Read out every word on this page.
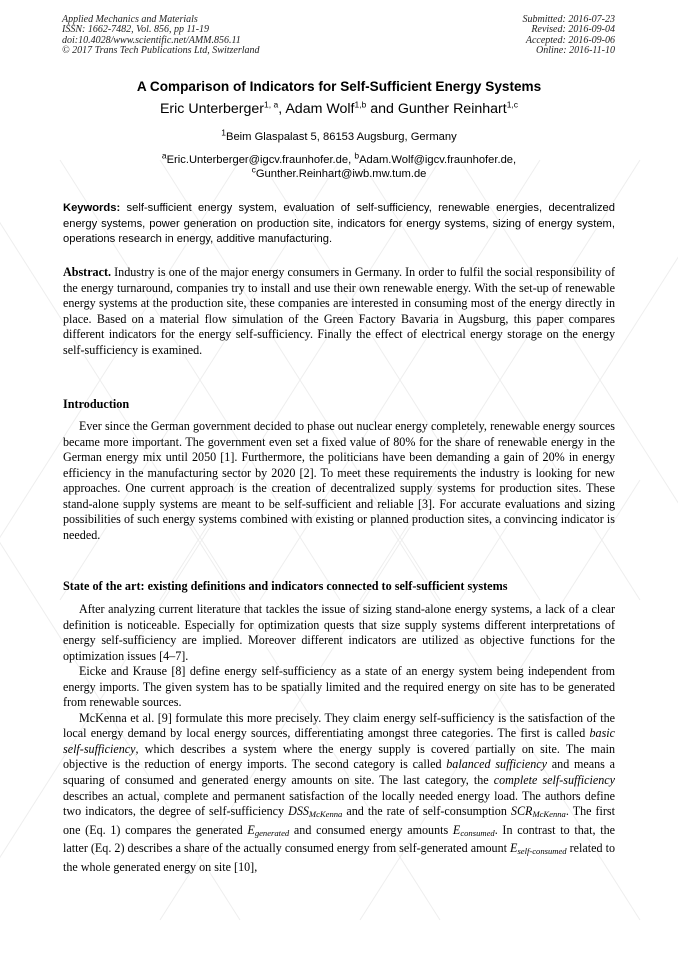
Applied Mechanics and Materials
ISSN: 1662-7482, Vol. 856, pp 11-19
doi:10.4028/www.scientific.net/AMM.856.11
© 2017 Trans Tech Publications Ltd, Switzerland
Submitted: 2016-07-23
Revised: 2016-09-04
Accepted: 2016-09-06
Online: 2016-11-10
A Comparison of Indicators for Self-Sufficient Energy Systems
Eric Unterberger$^{1, a}$, Adam Wolf$^{1,b}$ and Gunther Reinhart$^{1,c}$
$^1$Beim Glaspalast 5, 86153 Augsburg, Germany
$^a$Eric.Unterberger@igcv.fraunhofer.de, $^b$Adam.Wolf@igcv.fraunhofer.de,
$^c$Gunther.Reinhart@iwb.mw.tum.de
Keywords: self-sufficient energy system, evaluation of self-sufficiency, renewable energies, decentralized energy systems, power generation on production site, indicators for energy systems, sizing of energy system, operations research in energy, additive manufacturing.

Abstract. Industry is one of the major energy consumers in Germany. In order to fulfil the social responsibility of the energy turnaround, companies try to install and use their own renewable energy. With the set-up of renewable energy systems at the production site, these companies are interested in consuming most of the energy directly in place. Based on a material flow simulation of the Green Factory Bavaria in Augsburg, this paper compares different indicators for the energy self-sufficiency. Finally the effect of electrical energy storage on the energy self-sufficiency is examined.

Introduction

Ever since the German government decided to phase out nuclear energy completely, renewable energy sources became more important. The government even set a fixed value of 80% for the share of renewable energy in the German energy mix until 2050 [1]. Furthermore, the politicians have been demanding a gain of 20% in energy efficiency in the manufacturing sector by 2020 [2]. To meet these requirements the industry is looking for new approaches. One current approach is the creation of decentralized supply systems for production sites. These stand-alone supply systems are meant to be self-sufficient and reliable [3]. For accurate evaluations and sizing possibilities of such energy systems combined with existing or planned production sites, a convincing indicator is needed.

State of the art: existing definitions and indicators connected to self-sufficient systems

After analyzing current literature that tackles the issue of sizing stand-alone energy systems, a lack of a clear definition is noticeable. Especially for optimization quests that size supply systems different interpretations of energy self-sufficiency are implied. Moreover different indicators are utilized as objective functions for the optimization issues [4–7].

Eicke and Krause [8] define energy self-sufficiency as a state of an energy system being independent from energy imports. The given system has to be spatially limited and the required energy on site has to be generated from renewable sources.

McKenna et al. [9] formulate this more precisely. They claim energy self-sufficiency is the satisfaction of the local energy demand by local energy sources, differentiating amongst three categories. The first is called basic self-sufficiency, which describes a system where the energy supply is covered partially on site. The main objective is the reduction of energy imports. The second category is called balanced sufficiency and means a squaring of consumed and generated energy amounts on site. The last category, the complete self-sufficiency describes an actual, complete and permanent satisfaction of the locally needed energy load. The authors define two indicators, the degree of self-sufficiency $DSS_{McKenna}$ and the rate of self-consumption $SCR_{McKenna}$. The first one (Eq. 1) compares the generated $E_{generated}$ and consumed energy amounts $E_{consumed}$. In contrast to that, the latter (Eq. 2) describes a share of the actually consumed energy from self-generated amount $E_{self-consumed}$ related to the whole generated energy on site [10],
